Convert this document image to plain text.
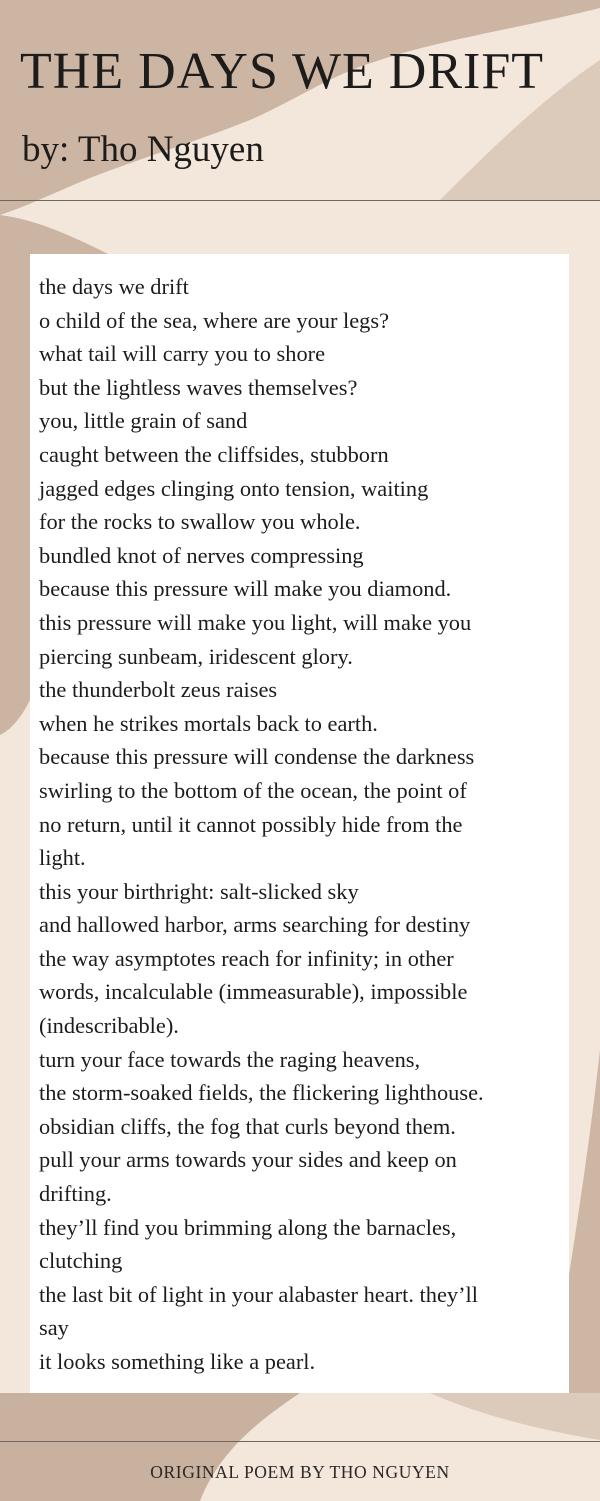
THE DAYS WE DRIFT
by: Tho Nguyen
the days we drift
o child of the sea, where are your legs?
what tail will carry you to shore
but the lightless waves themselves?
you, little grain of sand
caught between the cliffsides, stubborn
jagged edges clinging onto tension, waiting
for the rocks to swallow you whole.
bundled knot of nerves compressing
because this pressure will make you diamond.
this pressure will make you light, will make you
piercing sunbeam, iridescent glory.
the thunderbolt zeus raises
when he strikes mortals back to earth.
because this pressure will condense the darkness
swirling to the bottom of the ocean, the point of
no return, until it cannot possibly hide from the
light.
this your birthright: salt-slicked sky
and hallowed harbor, arms searching for destiny
the way asymptotes reach for infinity; in other
words, incalculable (immeasurable), impossible
(indescribable).
turn your face towards the raging heavens,
the storm-soaked fields, the flickering lighthouse.
obsidian cliffs, the fog that curls beyond them.
pull your arms towards your sides and keep on
drifting.
they’ll find you brimming along the barnacles,
clutching
the last bit of light in your alabaster heart. they’ll
say
it looks something like a pearl.
ORIGINAL POEM BY THO NGUYEN
